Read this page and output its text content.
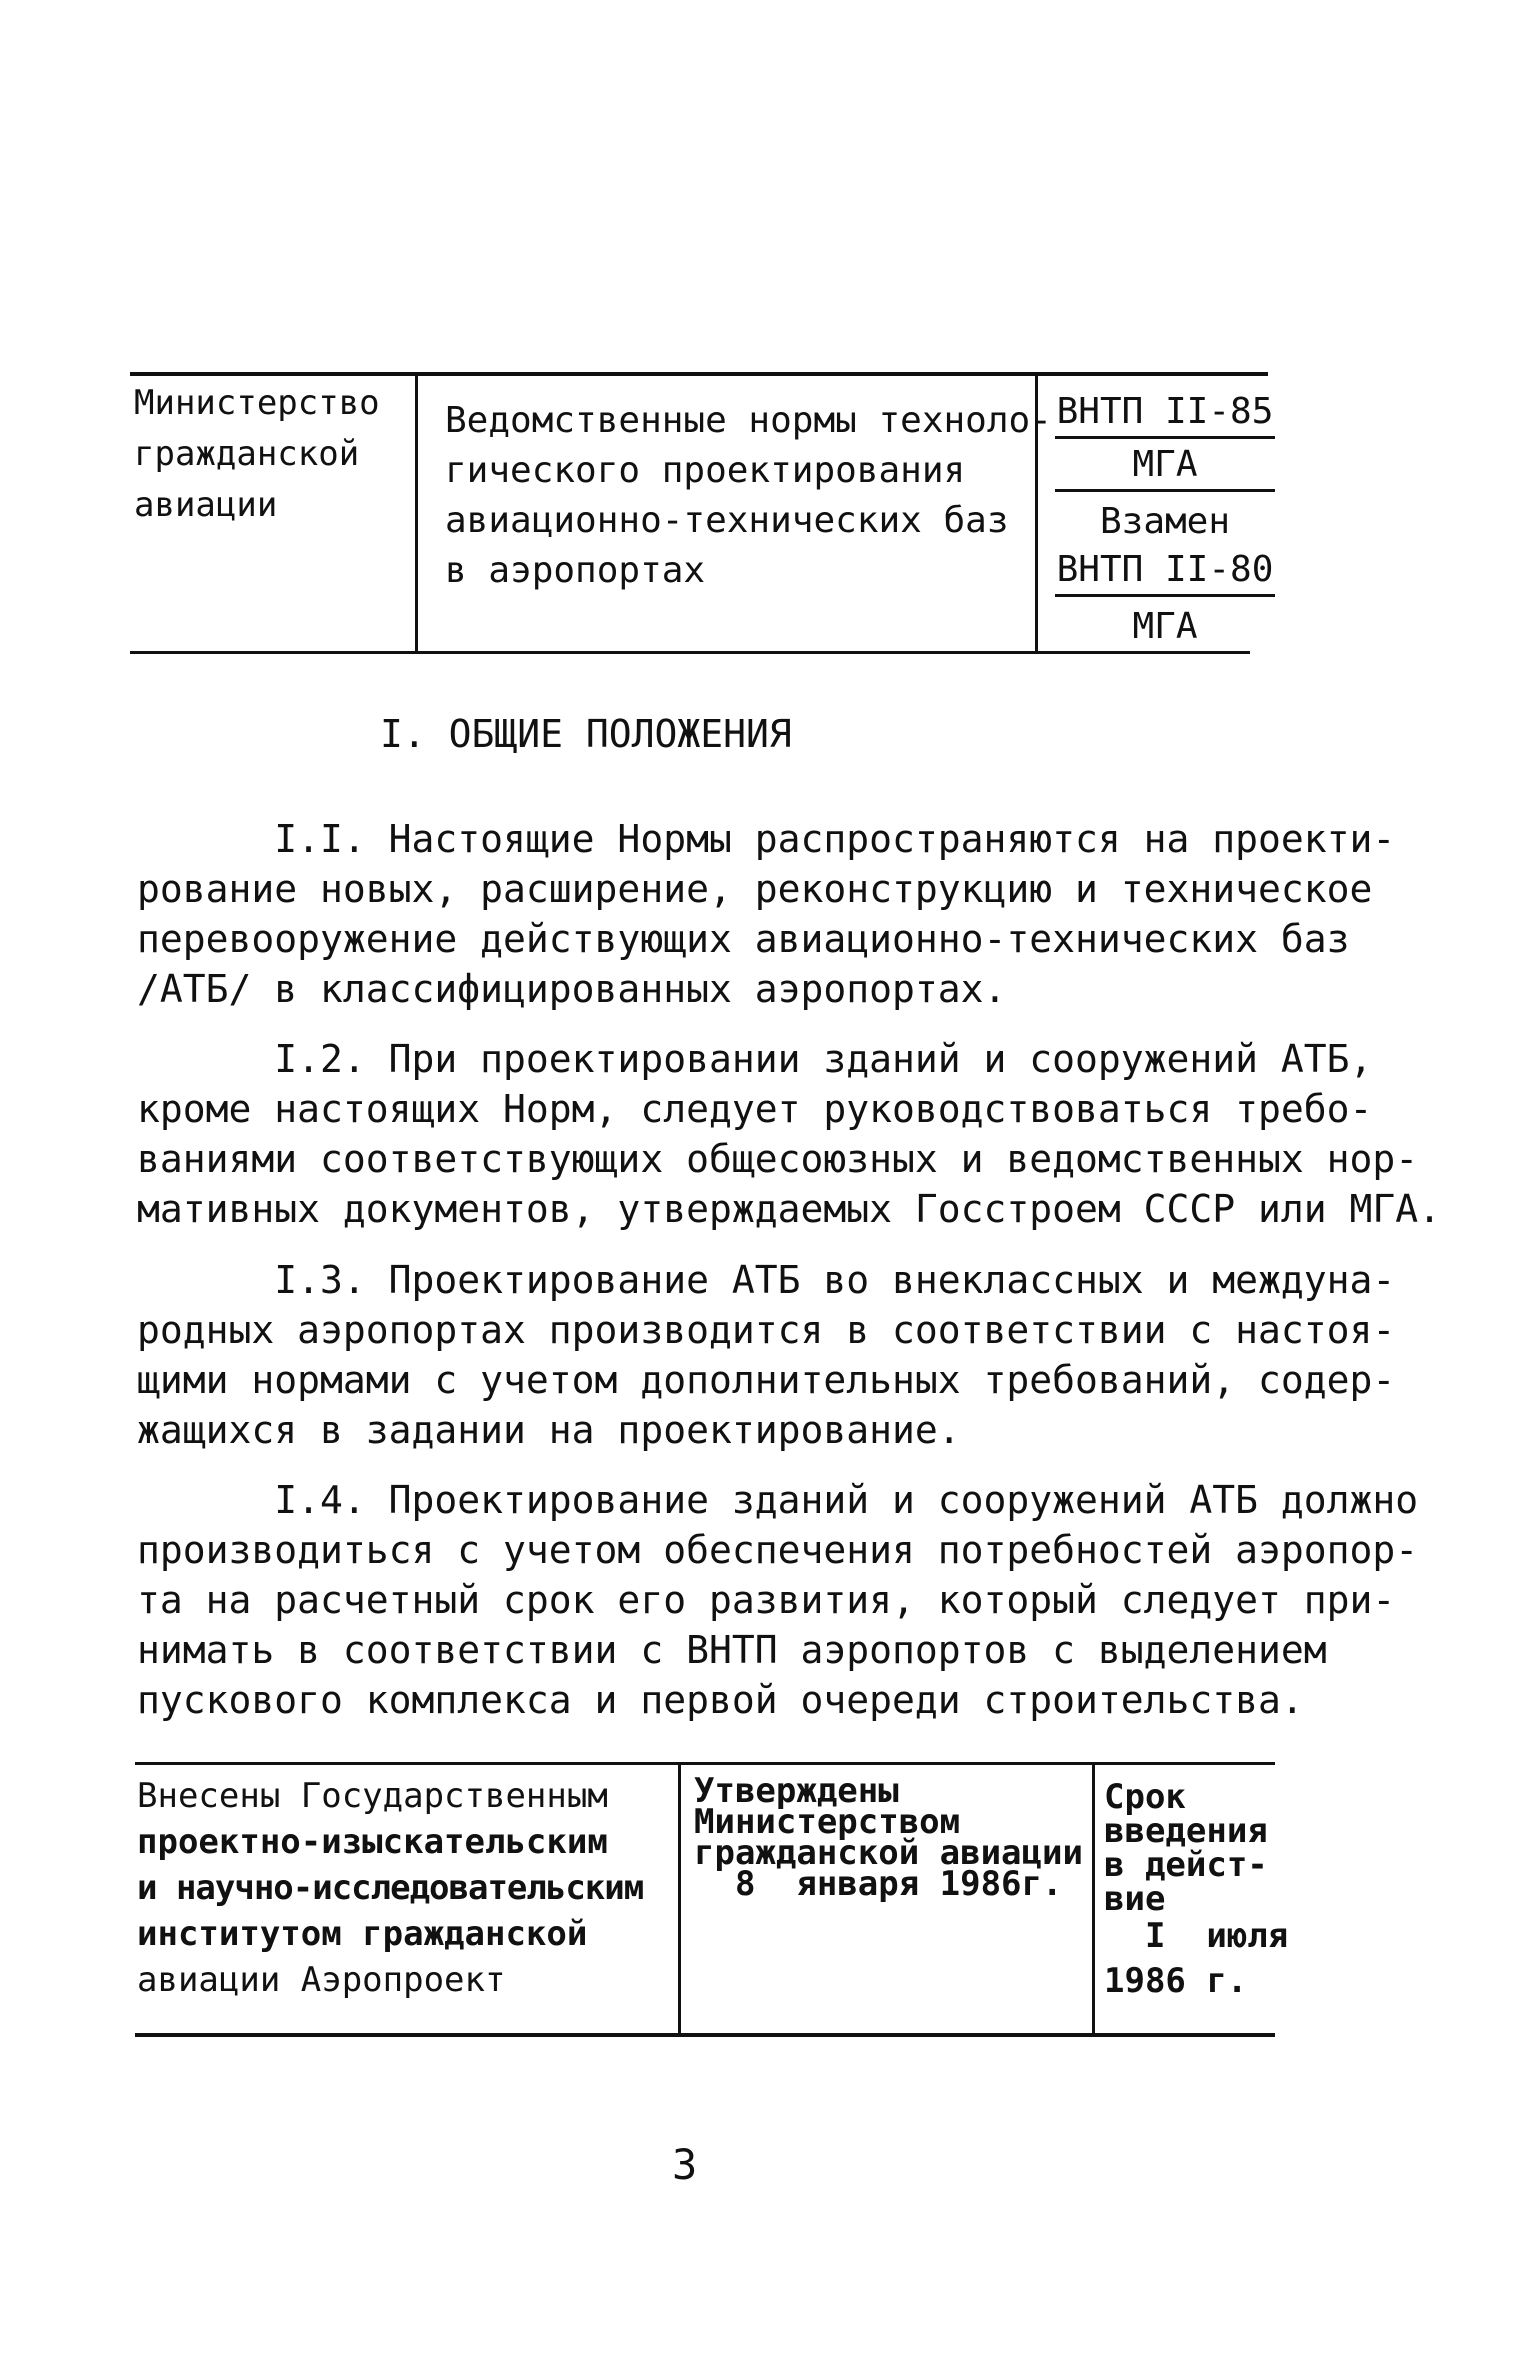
Министерство
гражданской
авиации
Ведомственные нормы техноло-
гического проектирования
авиационно-технических баз
в аэропортах
ВНТП II-85
МГА
Взамен
ВНТП II-80
МГА
I. ОБЩИЕ ПОЛОЖЕНИЯ
I.I. Настоящие Нормы распространяются на проекти-
рование новых, расширение, реконструкцию и техническое
перевооружение действующих авиационно-технических баз
/АТБ/ в классифицированных аэропортах.
I.2. При проектировании зданий и сооружений АТБ,
кроме настоящих Норм, следует руководствоваться требо-
ваниями соответствующих общесоюзных и ведомственных нор-
мативных документов, утверждаемых Госстроем СССР или МГА.
I.3. Проектирование АТБ во внеклассных и междуна-
родных аэропортах производится в соответствии с настоя-
щими нормами с учетом дополнительных требований, содер-
жащихся в задании на проектирование.
I.4. Проектирование зданий и сооружений АТБ должно
производиться с учетом обеспечения потребностей аэропор-
та на расчетный срок его развития, который следует при-
нимать в соответствии с ВНТП аэропортов с выделением
пускового комплекса и первой очереди строительства.
Внесены Государственным
проектно-изыскательским
и научно-исследовательским
институтом гражданской
авиации Аэропроект
Утверждены
Министерством
гражданской авиации
8  января 1986г.
Срок
введения
в дейст-
вие
I  июля
1986 г.
3
